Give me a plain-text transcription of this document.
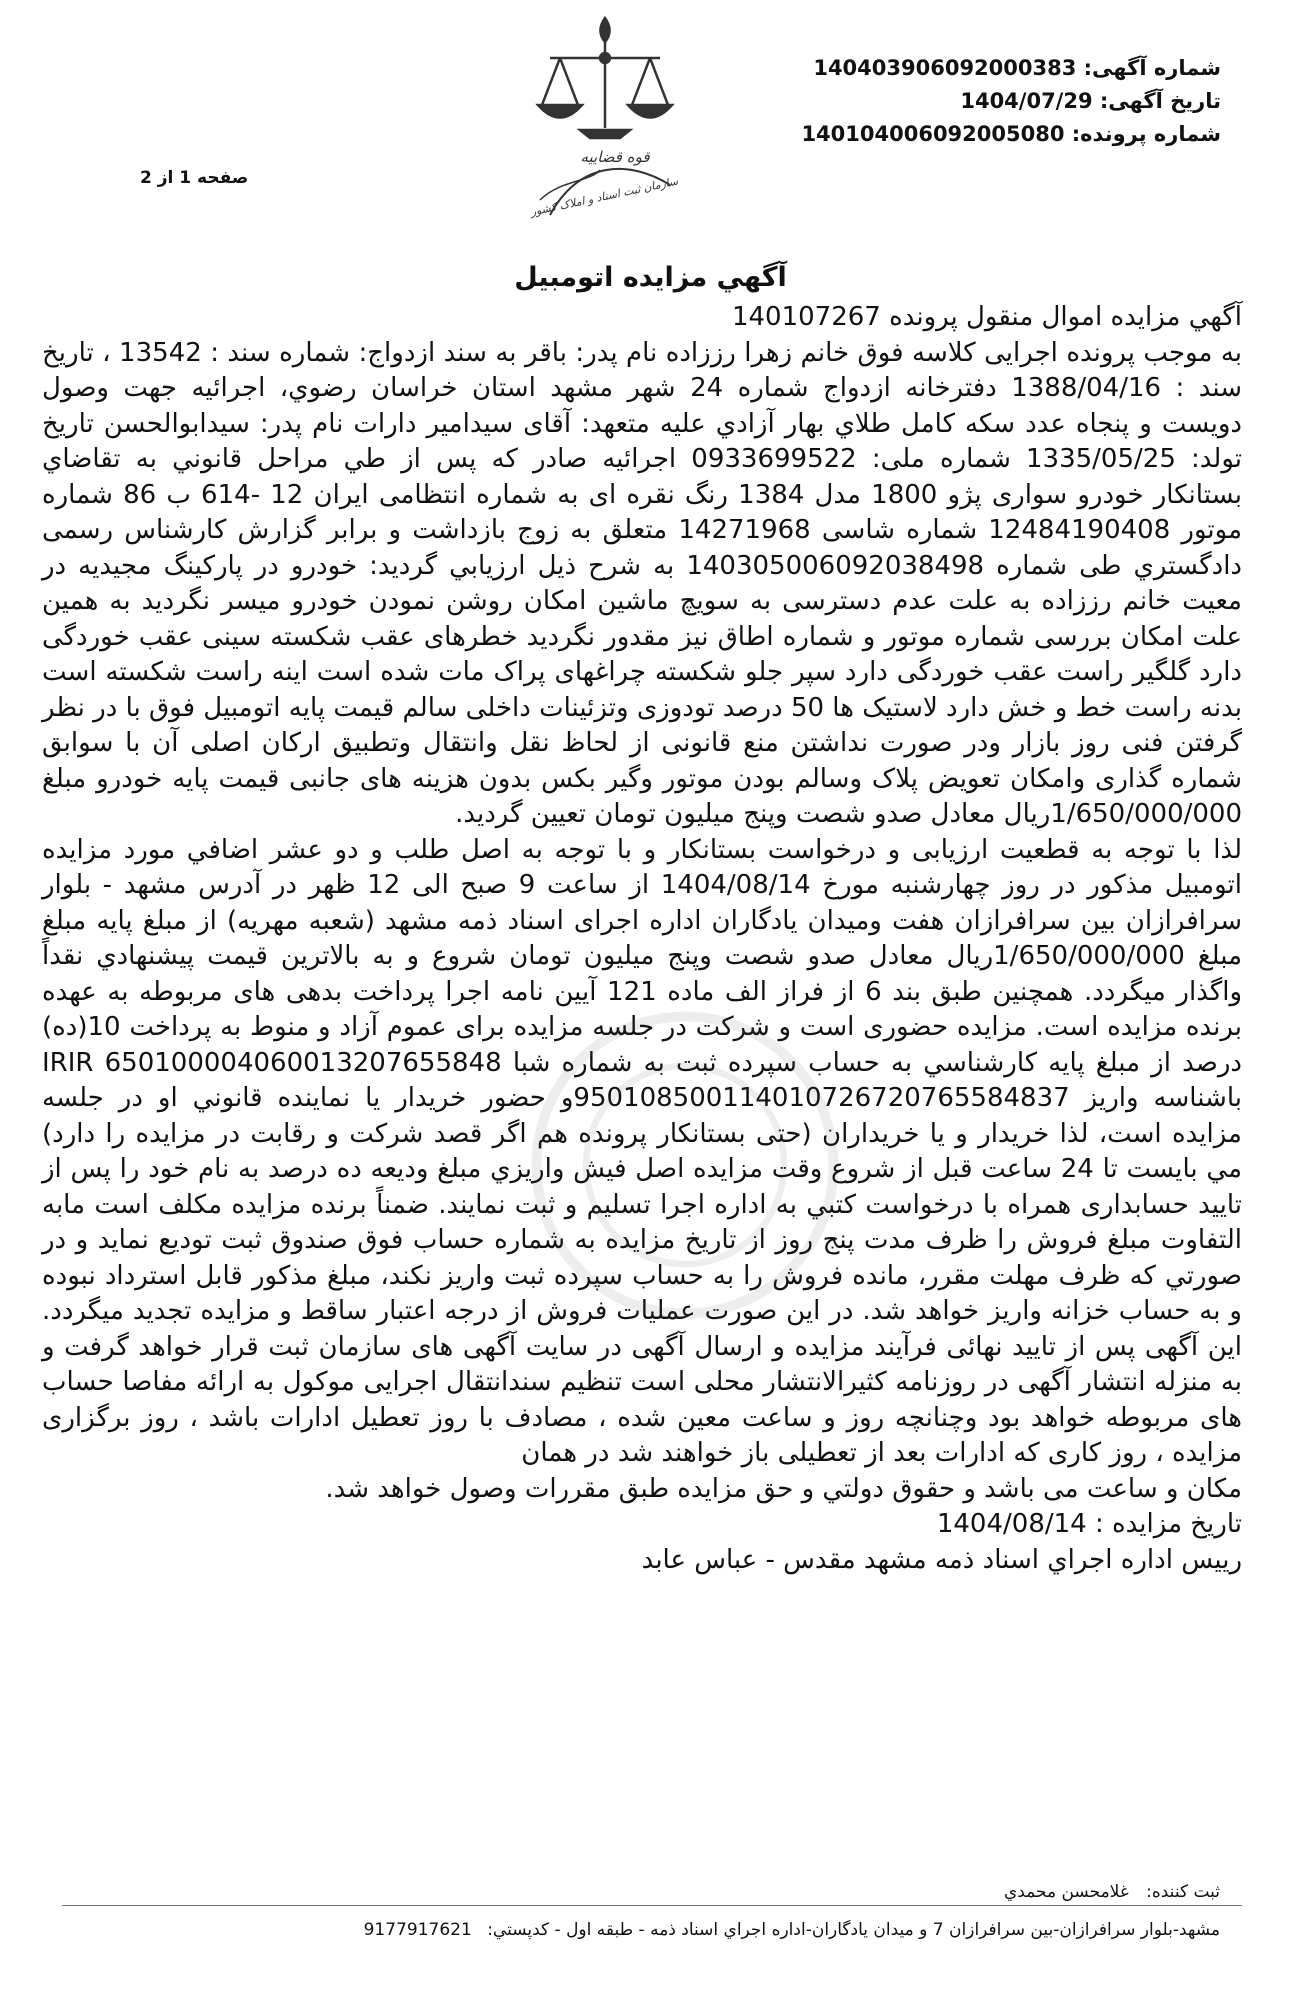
شماره آگهی: 140403906092000383
تاریخ آگهی: 1404/07/29
شماره پرونده: 140104006092005080
صفحه 1 از 2
قوه قضاييه
سازمان ثبت اسناد و املاک کشور
آگهي مزايده اتومبيل

آگهي مزايده اموال منقول پرونده 140107267

به موجب پرونده اجرايی كلاسه فوق خانم زهرا رززاده نام پدر: باقر به سند ازدواج: شماره سند : 13542 ، تاريخ سند : 1388/04/16 دفترخانه ازدواج شماره 24 شهر مشهد استان خراسان رضوي، اجرائيه جهت وصول دويست و پنجاه عدد سكه كامل طلاي بهار آزادي عليه متعهد: آقای سيدامير دارات نام پدر: سيدابوالحسن تاريخ تولد: 1335/05/25 شماره ملی: 0933699522 اجرائيه صادر كه پس از طي مراحل قانوني به تقاضاي بستانكار خودرو سواری پژو 1800 مدل 1384 رنگ نقره ای به شماره انتظامی ايران 12 -614 ب 86 شماره موتور 12484190408 شماره شاسی 14271968 متعلق به زوج بازداشت و برابر گزارش كارشناس رسمی دادگستري طی شماره 140305006092038498 به شرح ذيل ارزيابي گرديد: خودرو در پاركينگ مجيديه در معيت خانم رززاده به علت عدم دسترسی به سويچ ماشين امكان روشن نمودن خودرو ميسر نگرديد به همين علت امكان بررسی شماره موتور و شماره اطاق نيز مقدور نگرديد خطرهای عقب شكسته سينی عقب خوردگی دارد گلگير راست عقب خوردگی دارد سپر جلو شكسته چراغهای پراک مات شده است اينه راست شكسته است بدنه راست خط و خش دارد لاستيک ها 50 درصد تودوزی وتزئينات داخلی سالم قيمت پايه اتومبيل فوق با در نظر گرفتن فنی روز بازار ودر صورت نداشتن منع قانونی از لحاظ نقل وانتقال وتطبيق اركان اصلی آن با سوابق شماره گذاری وامكان تعويض پلاک وسالم بودن موتور وگير بكس بدون هزينه های جانبی قيمت پايه خودرو مبلغ 1/650/000/000ريال معادل صدو شصت وپنج ميليون تومان تعيين گرديد.

لذا با توجه به قطعيت ارزيابی و درخواست بستانكار و با توجه به اصل طلب و دو عشر اضافي مورد مزايده اتومبيل مذكور در روز چهارشنبه مورخ 1404/08/14 از ساعت 9 صبح الی 12 ظهر در آدرس مشهد - بلوار سرافرازان بين سرافرازان هفت وميدان يادگاران اداره اجرای اسناد ذمه مشهد (شعبه مهريه) از مبلغ پايه مبلغ مبلغ 1/650/000/000ريال معادل صدو شصت وپنج ميليون تومان شروع و به بالاترين قيمت پيشنهادي نقداً واگذار ميگردد. همچنين طبق بند 6 از فراز الف ماده 121 آيين نامه اجرا پرداخت بدهی های مربوطه به عهده برنده مزايده است. مزايده حضوری است و شركت در جلسه مزايده برای عموم آزاد و منوط به پرداخت 10(ده) درصد از مبلغ پايه كارشناسي به حساب سپرده ثبت به شماره شبا IRIR 650100004060013207655848 باشناسه واريز 950108500114010726720765584837و حضور خريدار يا نماينده قانوني او در جلسه مزايده است، لذا خريدار و يا خريداران (حتی بستانكار پرونده هم اگر قصد شركت و رقابت در مزايده را دارد) مي بايست تا 24 ساعت قبل از شروع وقت مزايده اصل فيش واريزي مبلغ وديعه ده درصد به نام خود را پس از تاييد حسابداری همراه با درخواست كتبي به اداره اجرا تسليم و ثبت نمايند. ضمناً برنده مزايده مكلف است مابه التفاوت مبلغ فروش را ظرف مدت پنج روز از تاريخ مزايده به شماره حساب فوق صندوق ثبت توديع نمايد و در صورتي كه ظرف مهلت مقرر، مانده فروش را به حساب سپرده ثبت واريز نكند، مبلغ مذكور قابل استرداد نبوده و به حساب خزانه واريز خواهد شد. در اين صورت عمليات فروش از درجه اعتبار ساقط و مزايده تجديد ميگردد. اين آگهی پس از تاييد نهائی فرآيند مزايده و ارسال آگهی در سايت آگهی های سازمان ثبت قرار خواهد گرفت و به منزله انتشار آگهی در روزنامه كثيرالانتشار محلی است تنظيم سندانتقال اجرايی موكول به ارائه مفاصا حساب های مربوطه خواهد بود وچنانچه روز و ساعت معين شده ، مصادف با روز تعطيل ادارات باشد ، روز برگزاری مزايده ، روز كاری كه ادارات بعد از تعطيلی باز خواهند شد در همان

مكان و ساعت می باشد و حقوق دولتي و حق مزايده طبق مقررات وصول خواهد شد.

تاريخ مزايده : 1404/08/14

رييس اداره اجراي اسناد ذمه مشهد مقدس - عباس عابد

ثبت كننده: غلامحسن محمدي
مشهد-بلوار سرافرازان-بين سرافرازان 7 و ميدان يادگاران-اداره اجراي اسناد ذمه - طبقه اول - كدپستي: 9177917621
